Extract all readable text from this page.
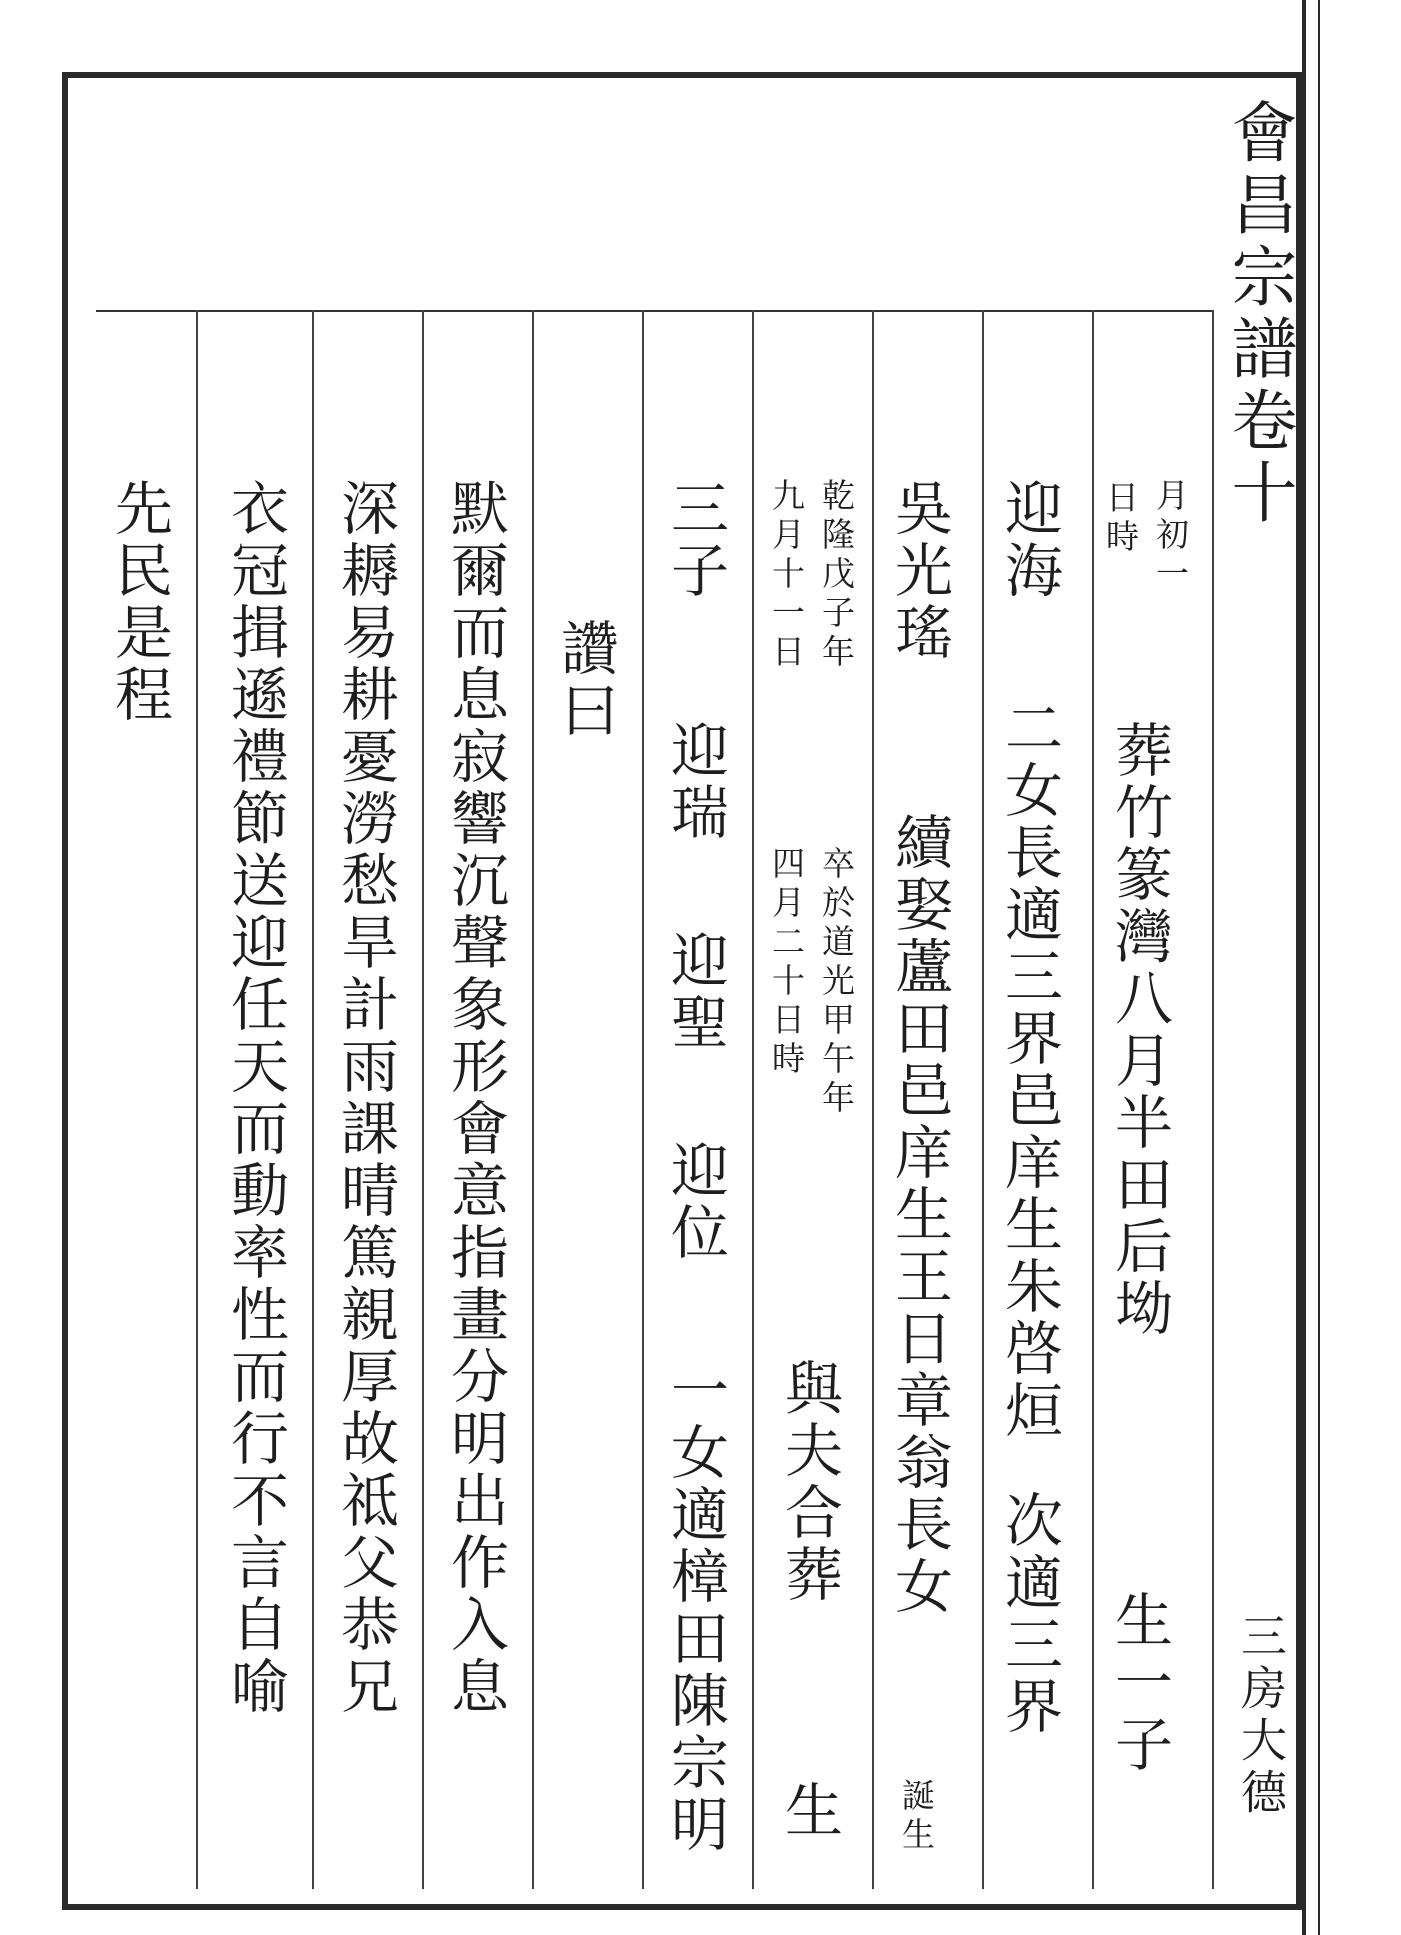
會昌宗譜卷十

三房大德

月初一

日時

葬竹篆灣八月半田后坳

生一子

迎海

二女長適三界邑庠生朱啓烜

次適三界

吳光瑤

續娶蘆田邑庠生王日章翁長女

誕生

乾隆戊子年

九月十一日

卒於道光甲午年

四月二十日時

與夫合葬

生

三子

迎瑞

迎聖

迎位

一女適樟田陳宗明

讚曰

默爾而息寂響沉聲象形會意指畫分明出作入息

深耨易耕憂澇愁旱計雨課晴篤親厚故祗父恭兄

衣冠揖遜禮節送迎任天而動率性而行不言自喻

先民是程
